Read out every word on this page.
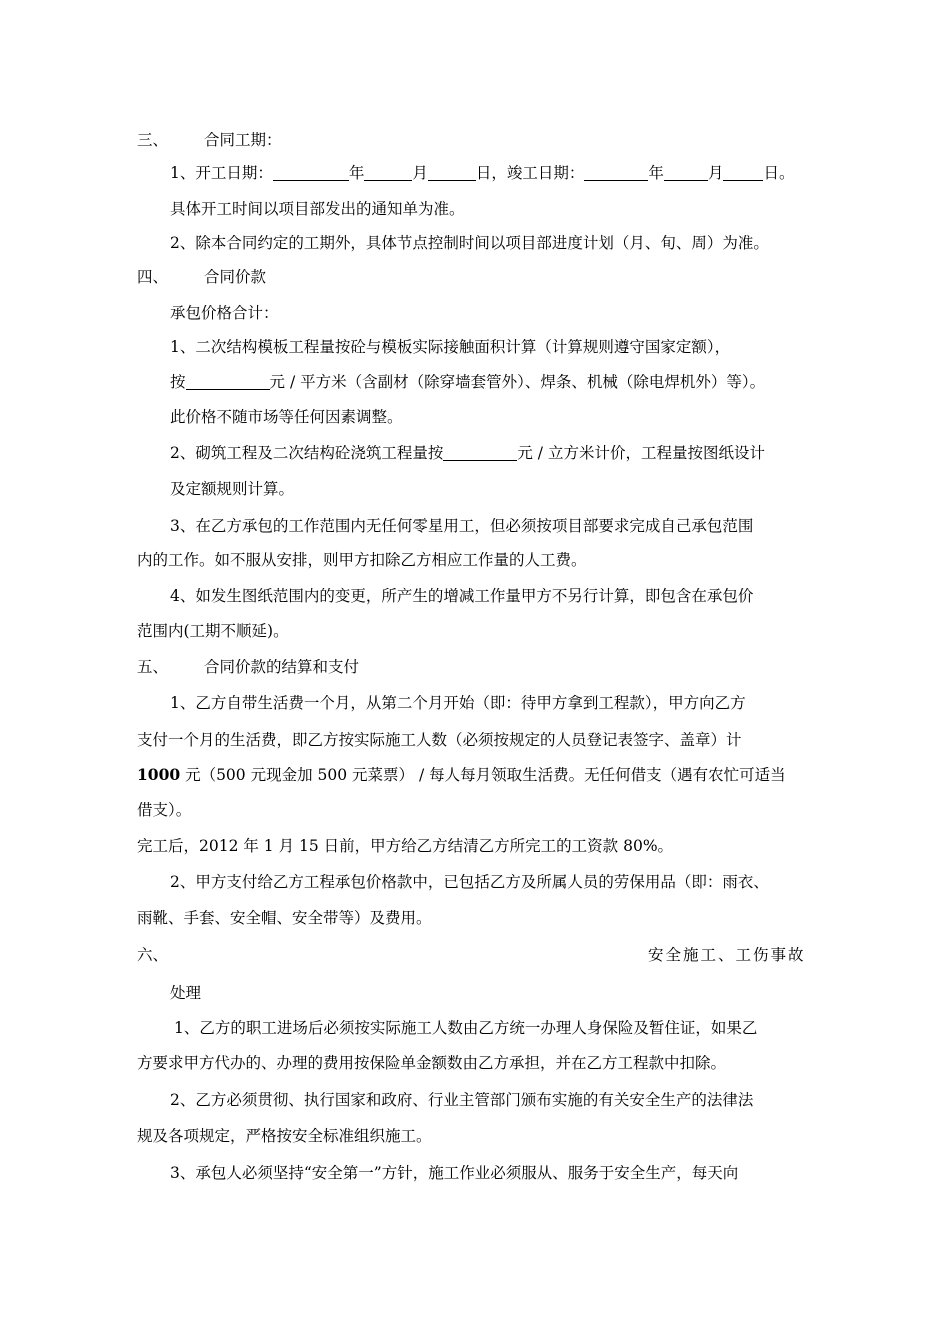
三、 合同工期：
1、开工日期：	年	月	日，竣工日期：	年	月	日。
具体开工时间以项目部发出的通知单为准。
2、除本合同约定的工期外，具体节点控制时间以项目部进度计划（月、旬、周）为准。
四、 合同价款
承包价格合计：
1、二次结构模板工程量按砼与模板实际接触面积计算（计算规则遵守国家定额），
按	元 / 平方米（含副材（除穿墙套管外）、焊条、机械（除电焊机外）等）。
此价格不随市场等任何因素调整。
2、砌筑工程及二次结构砼浇筑工程量按	元 / 立方米计价，工程量按图纸设计
及定额规则计算。
3、在乙方承包的工作范围内无任何零星用工，但必须按项目部要求完成自己承包范围
内的工作。如不服从安排，则甲方扣除乙方相应工作量的人工费。
4、如发生图纸范围内的变更，所产生的增减工作量甲方不另行计算，即包含在承包价
范围内(工期不顺延)。
五、 合同价款的结算和支付
1、乙方自带生活费一个月，从第二个月开始（即：待甲方拿到工程款），甲方向乙方
支付一个月的生活费，即乙方按实际施工人数（必须按规定的人员登记表签字、盖章）计
1000 元（500 元现金加 500 元菜票） / 每人每月领取生活费。无任何借支（遇有农忙可适当
借支）。
完工后，2012 年 1 月 15 日前，甲方给乙方结清乙方所完工的工资款 80%。
2、甲方支付给乙方工程承包价格款中，已包括乙方及所属人员的劳保用品（即：雨衣、
雨靴、手套、安全帽、安全带等）及费用。
六、	安全施工、工伤事故
处理
1、乙方的职工进场后必须按实际施工人数由乙方统一办理人身保险及暂住证，如果乙
方要求甲方代办的、办理的费用按保险单金额数由乙方承担，并在乙方工程款中扣除。
2、乙方必须贯彻、执行国家和政府、行业主管部门颁布实施的有关安全生产的法律法
规及各项规定，严格按安全标准组织施工。
3、承包人必须坚持“安全第一”方针，施工作业必须服从、服务于安全生产，每天向
